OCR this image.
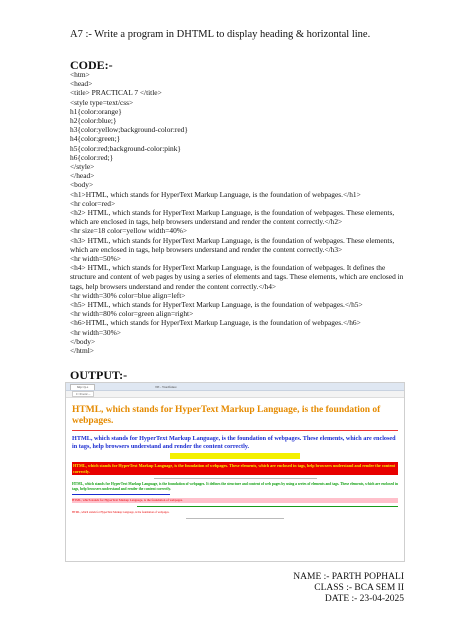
A7 :- Write a program in DHTML to display heading & horizontal line.
CODE:-
<htm>
<head>
<title> PRACTICAL 7 </title>
<style type=text/css>
h1{color:orange}
h2{color:blue;}
h3{color:yellow;background-color:red}
h4{color:green;}
h5{color:red;background-color:pink}
h6{color:red;}
</style>
</head>
<body>
<h1>HTML, which stands for HyperText Markup Language, is the foundation of webpages.</h1>
<hr color=red>
<h2> HTML, which stands for HyperText Markup Language, is the foundation of webpages. These elements, which are enclosed in tags, help browsers understand and render the content correctly.</h2>
<hr size=18 color=yellow width=40%>
<h3> HTML, which stands for HyperText Markup Language, is the foundation of webpages. These elements, which are enclosed in tags, help browsers understand and render the content correctly.</h3>
<hr width=50%>
<h4> HTML, which stands for HyperText Markup Language, is the foundation of webpages. It defines the structure and content of web pages by using a series of elements and tags. These elements, which are enclosed in tags, help browsers understand and render the content correctly.</h4>
<hr width=30% color=blue align=left>
<h5> HTML, which stands for HyperText Markup Language, is the foundation of webpages.</h5>
<hr width=80% color=green align=right>
<h6>HTML, which stands for HyperText Markup Language, is the foundation of webpages.</h6>
<hr width=30%>
</body>
</html>
OUTPUT:-
http://p.s	NE - Wordfuture
C:/Users/...
HTML, which stands for HyperText Markup Language, is the foundation of webpages.
HTML, which stands for HyperText Markup Language, is the foundation of webpages. These elements, which are enclosed in tags, help browsers understand and render the content correctly.
HTML, which stands for HyperText Markup Language, is the foundation of webpages. These elements, which are enclosed in tags, help browsers understand and render the content correctly.
HTML, which stands for HyperText Markup Language, is the foundation of webpages. It defines the structure and content of web pages by using a series of elements and tags. These elements, which are enclosed in tags, help browsers understand and render the content correctly.
HTML, which stands for HyperText Markup Language, is the foundation of webpages.
HTML, which stands for HyperText Markup Language, is the foundation of webpages.
NAME :- PARTH POPHALI
CLASS :- BCA SEM II
DATE :- 23-04-2025
